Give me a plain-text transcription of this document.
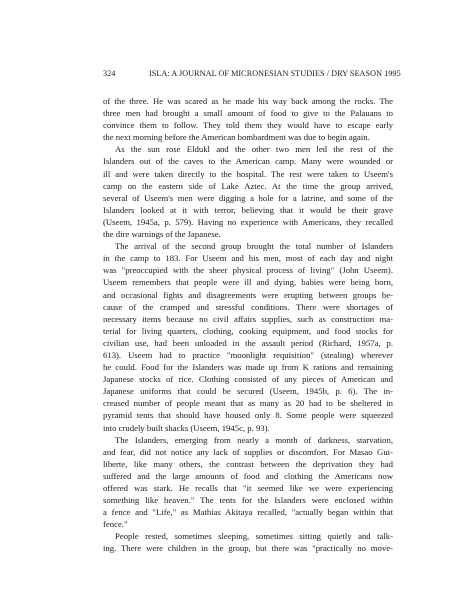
324	ISLA: A JOURNAL OF MICRONESIAN STUDIES / DRY SEASON 1995
of the three. He was scared as he made his way back among the rocks. The
three men had brought a small amount of food to give to the Palauans to
convince them to follow. They told them they would have to escape early
the next morning before the American bombardment was due to begin again.
As the sun rose Eldukl and the other two men led the rest of the
Islanders out of the caves to the American camp. Many were wounded or
ill and were taken directly to the hospital. The rest were taken to Useem's
camp on the eastern side of Lake Aztec. At the time the group arrived,
several of Useem's men were digging a hole for a latrine, and some of the
Islanders looked at it with terror, believing that it would be their grave
(Useem, 1945a, p. 579). Having no experience with Americans, they recalled
the dire warnings of the Japanese.
The arrival of the second group brought the total number of Islanders
in the camp to 183. For Useem and his men, most of each day and night
was "preoccupied with the sheer physical process of living" (John Useem).
Useem remembers that people were ill and dying, babies were being born,
and occasional fights and disagreements were erupting between groups be-
cause of the cramped and stressful conditions. There were shortages of
necessary items because no civil affairs supplies, such as construction ma-
terial for living quarters, clothing, cooking equipment, and food stocks for
civilian use, had been unloaded in the assault period (Richard, 1957a, p.
613). Useem had to practice "moonlight requisition" (stealing) wherever
he could. Food for the Islanders was made up from K rations and remaining
Japanese stocks of rice. Clothing consisted of any pieces of American and
Japanese uniforms that could be secured (Useem, 1945b, p. 6). The in-
creased number of people meant that as many as 20 had to be sheltered in
pyramid tents that should have housed only 8. Some people were squeezed
into crudely built shacks (Useem, 1945c, p. 93).
The Islanders, emerging from nearly a month of darkness, starvation,
and fear, did not notice any lack of supplies or discomfort. For Masao Gui-
liberte, like many others, the contrast between the deprivation they had
suffered and the large amounts of food and clothing the Americans now
offered was stark. He recalls that "it seemed like we were experiencing
something like heaven." The tents for the Islanders were enclosed within
a fence and "Life," as Mathias Akitaya recalled, "actually began within that
fence."
People rested, sometimes sleeping, sometimes sitting quietly and talk-
ing. There were children in the group, but there was "practically no move-
